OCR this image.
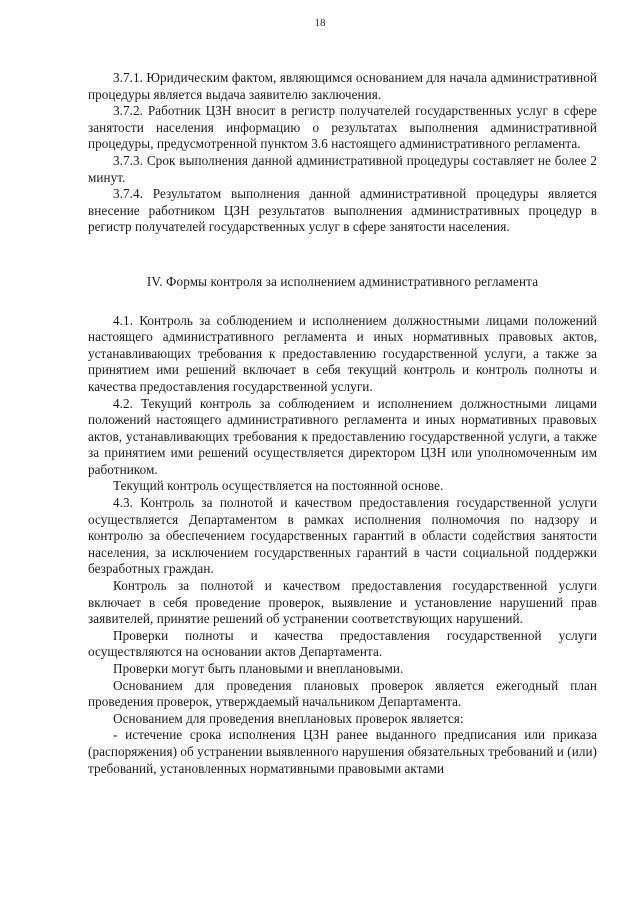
18

3.7.1. Юридическим фактом, являющимся основанием для начала административной процедуры является выдача заявителю заключения.

3.7.2. Работник ЦЗН вносит в регистр получателей государственных услуг в сфере занятости населения информацию о результатах выполнения административной процедуры, предусмотренной пунктом 3.6 настоящего административного регламента.

3.7.3. Срок выполнения данной административной процедуры составляет не более 2 минут.

3.7.4. Результатом выполнения данной административной процедуры является внесение работником ЦЗН результатов выполнения административных процедур в регистр получателей государственных услуг в сфере занятости населения.

IV. Формы контроля за исполнением административного регламента

4.1. Контроль за соблюдением и исполнением должностными лицами положений настоящего административного регламента и иных нормативных правовых актов, устанавливающих требования к предоставлению государственной услуги, а также за принятием ими решений включает в себя текущий контроль и контроль полноты и качества предоставления государственной услуги.

4.2. Текущий контроль за соблюдением и исполнением должностными лицами положений настоящего административного регламента и иных нормативных правовых актов, устанавливающих требования к предоставлению государственной услуги, а также за принятием ими решений осуществляется директором ЦЗН или уполномоченным им работником.

Текущий контроль осуществляется на постоянной основе.

4.3. Контроль за полнотой и качеством предоставления государственной услуги осуществляется Департаментом в рамках исполнения полномочия по надзору и контролю за обеспечением государственных гарантий в области содействия занятости населения, за исключением государственных гарантий в части социальной поддержки безработных граждан.

Контроль за полнотой и качеством предоставления государственной услуги включает в себя проведение проверок, выявление и установление нарушений прав заявителей, принятие решений об устранении соответствующих нарушений.

Проверки полноты и качества предоставления государственной услуги осуществляются на основании актов Департамента.

Проверки могут быть плановыми и внеплановыми.

Основанием для проведения плановых проверок является ежегодный план проведения проверок, утверждаемый начальником Департамента.

Основанием для проведения внеплановых проверок является:

- истечение срока исполнения ЦЗН ранее выданного предписания или приказа (распоряжения) об устранении выявленного нарушения обязательных требований и (или) требований, установленных нормативными правовыми актами
